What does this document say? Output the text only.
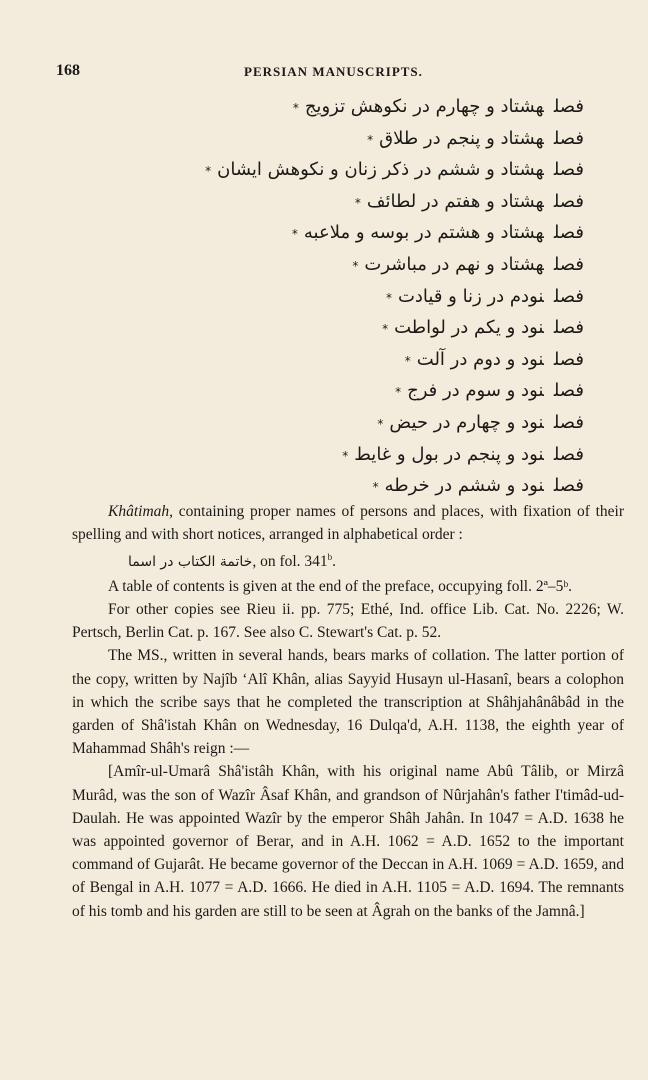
168	PERSIAN MANUSCRIPTS.
فصلهشتاد و چهارم در نکوهش تزویج*
فصلهشتاد و پنجم در طلاق*
فصلهشتاد و ششم در ذکر زنان و نکوهش ایشان*
فصلهشتاد و هفتم در لطائف*
فصلهشتاد و هشتم در بوسه و ملاعبه*
فصلهشتاد و نهم در مباشرت*
فصلنودم در زنا و قیادت*
فصلنود و یکم در لواطت*
فصلنود و دوم در آلت*
فصلنود و سوم در فرج*
فصلنود و چهارم در حیض*
فصلنود و پنجم در بول و غایط*
فصلنود و ششم در خرطه*

Khâtimah, containing proper names of persons and places, with fixation of their spelling and with short notices, arranged in alphabetical order :

خاتمة الکتاب در اسما, on fol. 341$^b$.

A table of contents is given at the end of the preface, occupying foll. 2ª–5ᵇ.

For other copies see Rieu ii. pp. 775; Ethé, Ind. office Lib. Cat. No. 2226; W. Pertsch, Berlin Cat. p. 167. See also C. Stewart's Cat. p. 52.

The MS., written in several hands, bears marks of collation. The latter portion of the copy, written by Najîb ‘Alî Khân, alias Sayyid Husayn ul-Hasanî, bears a colophon in which the scribe says that he completed the transcription at Shâhjahânâbâd in the garden of Shâ'istah Khân on Wednesday, 16 Dulqa'd, A.H. 1138, the eighth year of Mahammad Shâh's reign :—

[Amîr-ul-Umarâ Shâ'istâh Khân, with his original name Abû Tâlib, or Mirzâ Murâd, was the son of Wazîr Âsaf Khân, and grandson of Nûrjahân's father I'timâd-ud-Daulah. He was appointed Wazîr by the emperor Shâh Jahân. In 1047 = A.D. 1638 he was appointed governor of Berar, and in A.H. 1062 = A.D. 1652 to the important command of Gujarât. He became governor of the Deccan in A.H. 1069 = A.D. 1659, and of Bengal in A.H. 1077 = A.D. 1666. He died in A.H. 1105 = A.D. 1694. The remnants of his tomb and his garden are still to be seen at Âgrah on the banks of the Jamnâ.]
